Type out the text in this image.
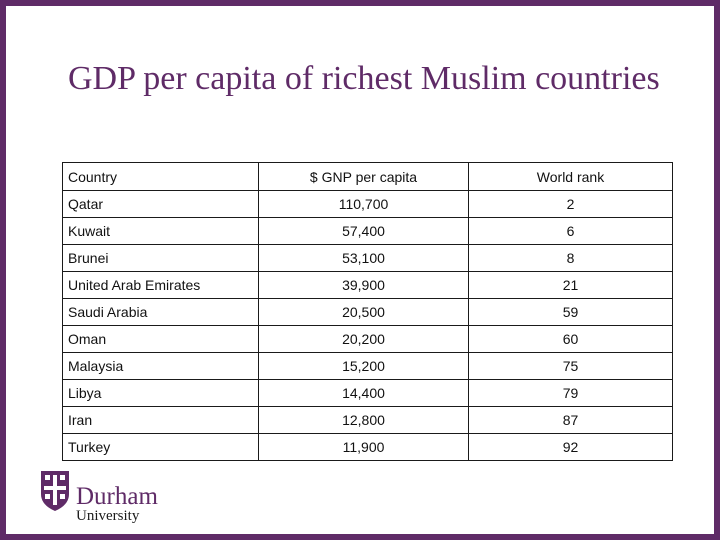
GDP per capita of richest Muslim countries
Country	$ GNP per capita	World rank
Qatar	110,700	2
Kuwait	57,400	6
Brunei	53,100	8
United Arab Emirates	39,900	21
Saudi Arabia	20,500	59
Oman	20,200	60
Malaysia	15,200	75
Libya	14,400	79
Iran	12,800	87
Turkey	11,900	92
Durham
University
